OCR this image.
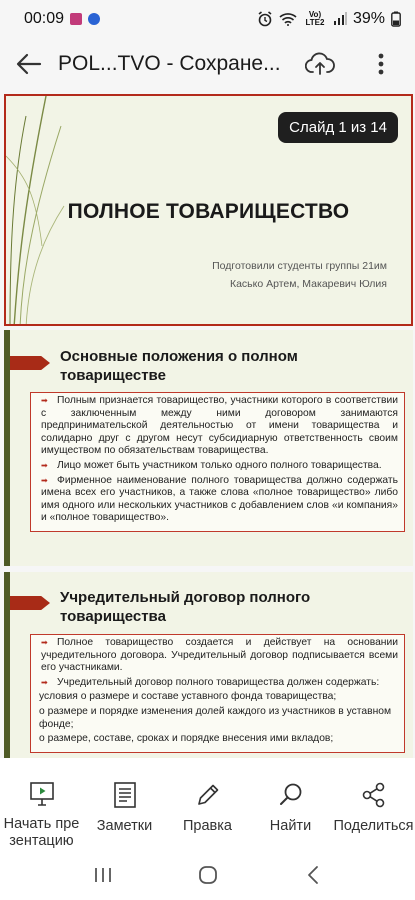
00:09	Vo) LTE2 39%
POL...TVO - Сохране...
Слайд 1 из 14
ПОЛНОЕ ТОВАРИЩЕСТВО
Подготовили студенты группы 21им
Касько Артем, Макаревич Юлия
Основные положения о полном товариществе
➡ Полным признается товарищество, участники которого в соответствии с заключенным между ними договором занимаются предпринимательской деятельностью от имени товарищества и солидарно друг с другом несут субсидиарную ответственность своим имуществом по обязательствам товарищества.
➡ Лицо может быть участником только одного полного товарищества.
➡ Фирменное наименование полного товарищества должно содержать имена всех его участников, а также слова «полное товарищество» либо имя одного или нескольких участников с добавлением слов «и компания» и «полное товарищество».
Учредительный договор полного товарищества
➡ Полное товарищество создается и действует на основании учредительного договора. Учредительный договор подписывается всеми его участниками.
➡ Учредительный договор полного товарищества должен содержать:
условия о размере и составе уставного фонда товарищества;
о размере и порядке изменения долей каждого из участников в уставном фонде;
о размере, составе, сроках и порядке внесения ими вкладов;
Начать презентацию
Заметки	Правка	Найти	Поделиться
